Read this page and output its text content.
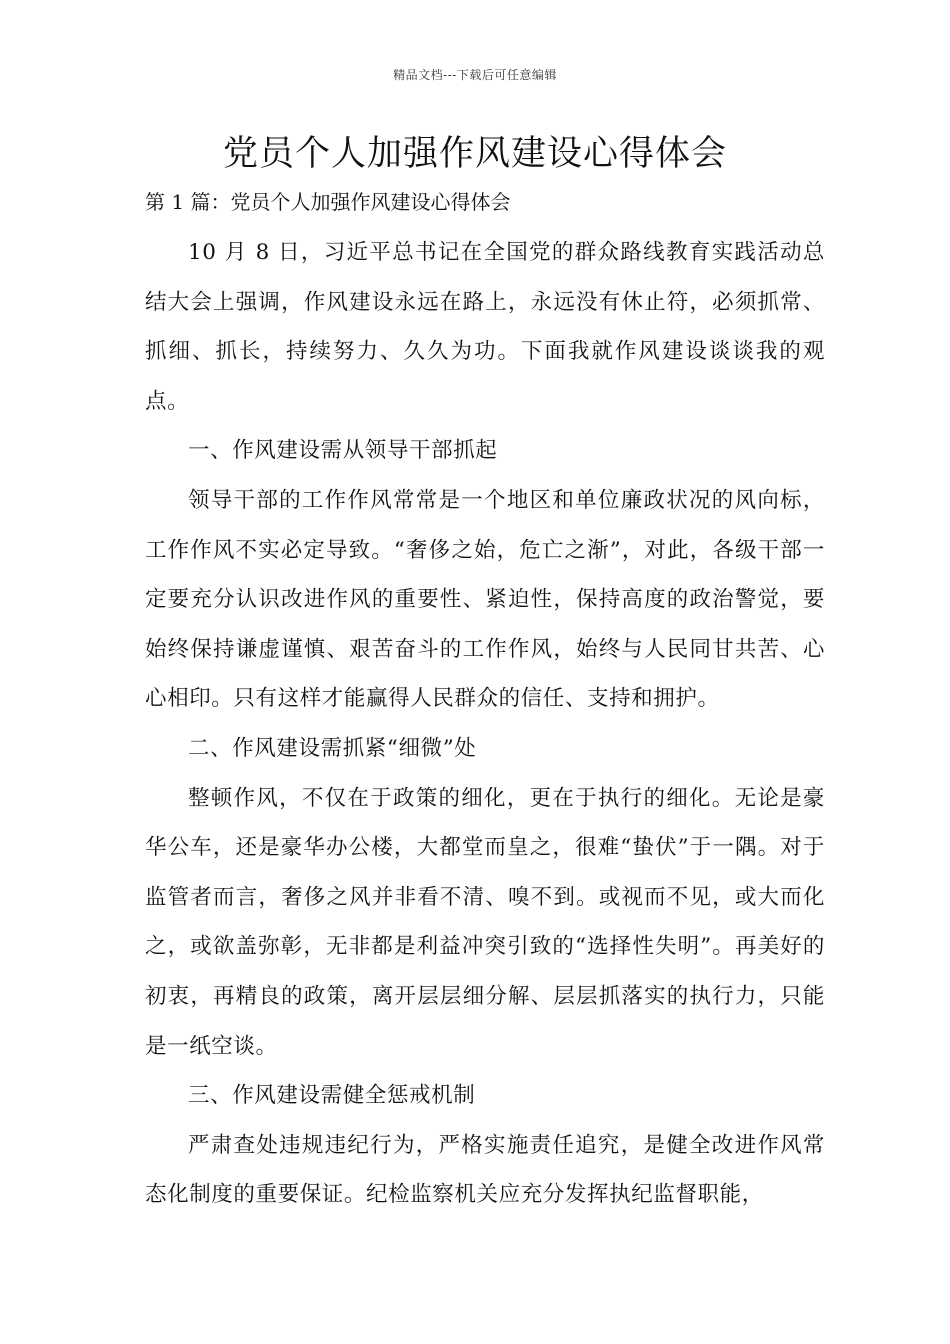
精品文档---下载后可任意编辑
党员个人加强作风建设心得体会
第 1 篇：党员个人加强作风建设心得体会

10 月 8 日，习近平总书记在全国党的群众路线教育实践活动总结大会上强调，作风建设永远在路上，永远没有休止符，必须抓常、抓细、抓长，持续努力、久久为功。下面我就作风建设谈谈我的观点。

一、作风建设需从领导干部抓起

领导干部的工作作风常常是一个地区和单位廉政状况的风向标，工作作风不实必定导致。“奢侈之始，危亡之渐”，对此，各级干部一定要充分认识改进作风的重要性、紧迫性，保持高度的政治警觉，要始终保持谦虚谨慎、艰苦奋斗的工作作风，始终与人民同甘共苦、心心相印。只有这样才能赢得人民群众的信任、支持和拥护。

二、作风建设需抓紧“细微”处

整顿作风，不仅在于政策的细化，更在于执行的细化。无论是豪华公车，还是豪华办公楼，大都堂而皇之，很难“蛰伏”于一隅。对于监管者而言，奢侈之风并非看不清、嗅不到。或视而不见，或大而化之，或欲盖弥彰，无非都是利益冲突引致的“选择性失明”。再美好的初衷，再精良的政策，离开层层细分解、层层抓落实的执行力，只能是一纸空谈。

三、作风建设需健全惩戒机制

严肃查处违规违纪行为，严格实施责任追究，是健全改进作风常态化制度的重要保证。纪检监察机关应充分发挥执纪监督职能，
